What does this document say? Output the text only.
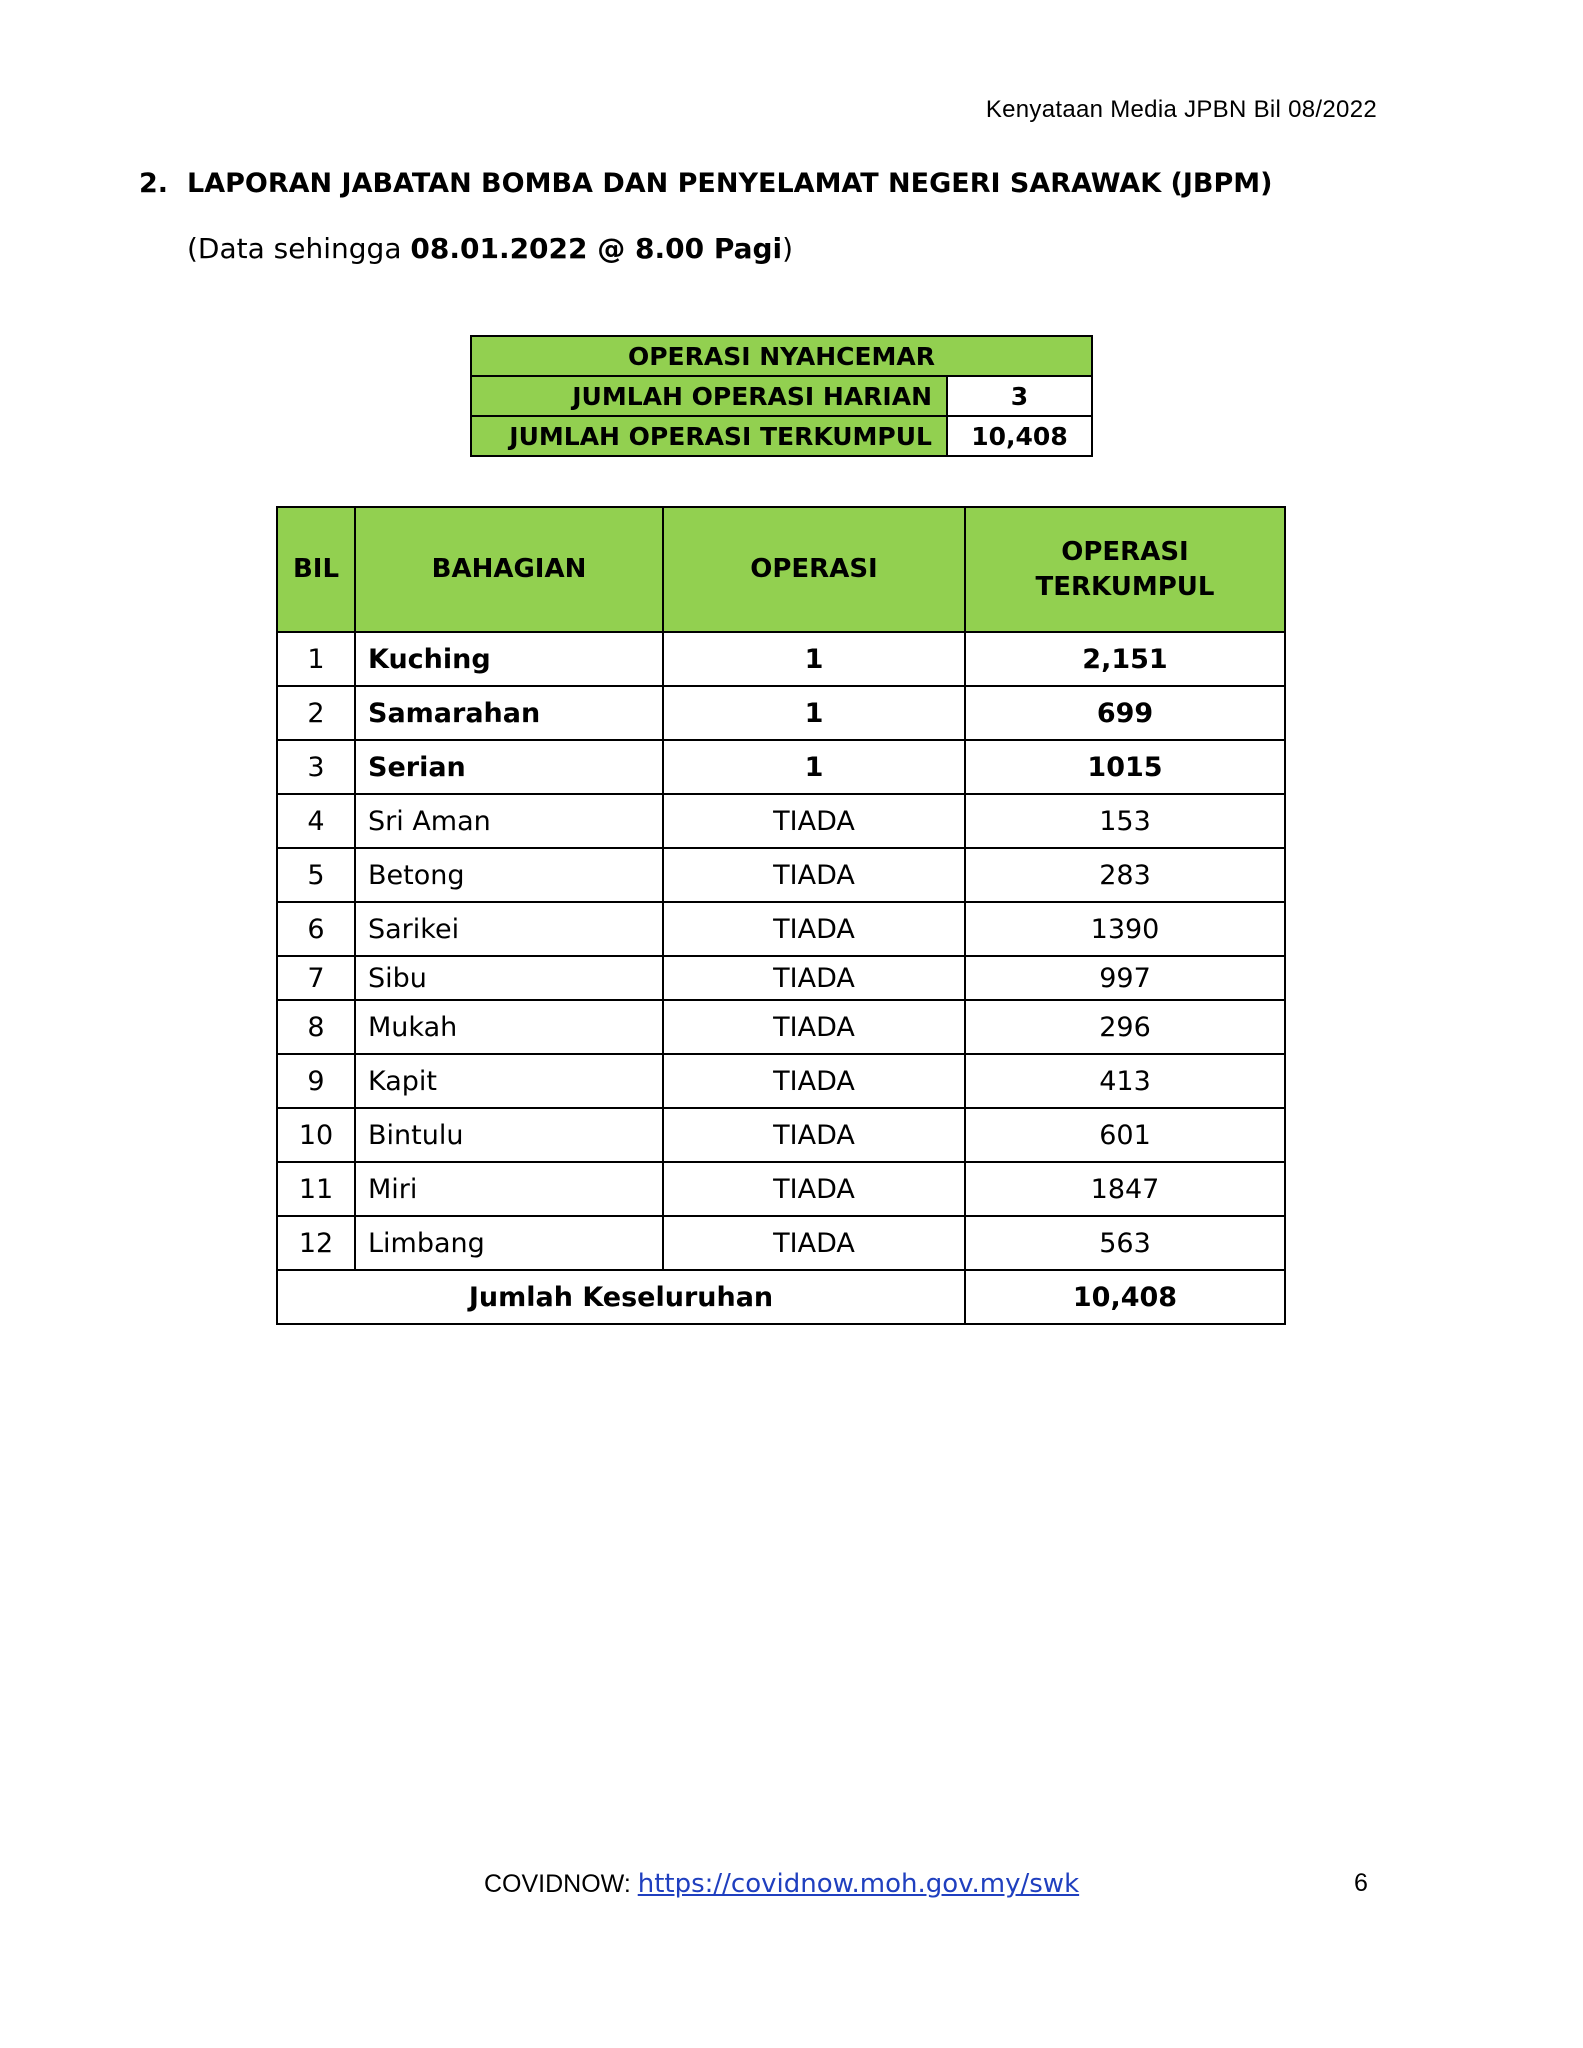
Kenyataan Media JPBN Bil 08/2022
2. LAPORAN JABATAN BOMBA DAN PENYELAMAT NEGERI SARAWAK (JBPM)
(Data sehingga 08.01.2022 @ 8.00 Pagi)
OPERASI NYAHCEMAR	
JUMLAH OPERASI HARIAN	3
JUMLAH OPERASI TERKUMPUL	10,408
BIL	BAHAGIAN	OPERASI	OPERASI TERKUMPUL
1	Kuching	1	2,151
2	Samarahan	1	699
3	Serian	1	1015
4	Sri Aman	TIADA	153
5	Betong	TIADA	283
6	Sarikei	TIADA	1390
7	Sibu	TIADA	997
8	Mukah	TIADA	296
9	Kapit	TIADA	413
10	Bintulu	TIADA	601
11	Miri	TIADA	1847
12	Limbang	TIADA	563
Jumlah Keseluruhan			10,408
COVIDNOW: https://covidnow.moh.gov.my/swk	6
